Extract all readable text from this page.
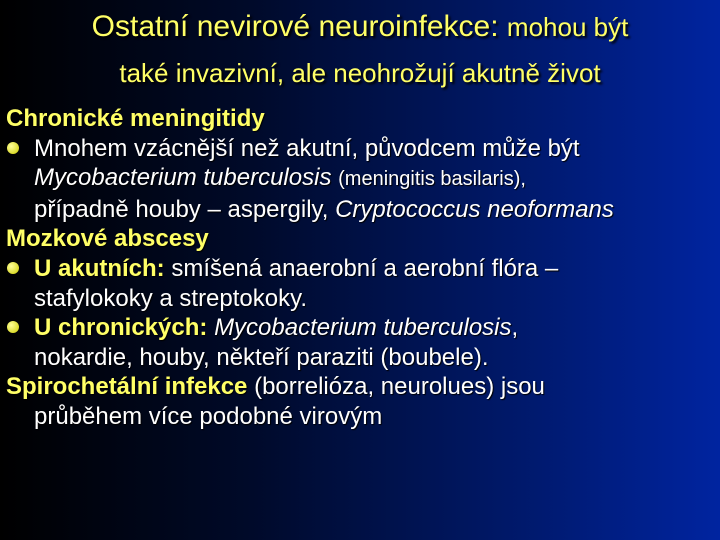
Ostatní nevirové neuroinfekce: mohou být
také invazivní, ale neohrožují akutně život
Chronické meningitidy
Mnohem vzácnější než akutní, původcem může být
Mycobacterium tuberculosis (meningitis basilaris),
případně houby – aspergily, Cryptococcus neoformans
Mozkové abscesy
U akutních: smíšená anaerobní a aerobní flóra –
stafylokoky a streptokoky.
U chronických: Mycobacterium tuberculosis,
nokardie, houby, někteří paraziti (boubele).
Spirochetální infekce (borrelióza, neurolues) jsou
průběhem více podobné virovým
